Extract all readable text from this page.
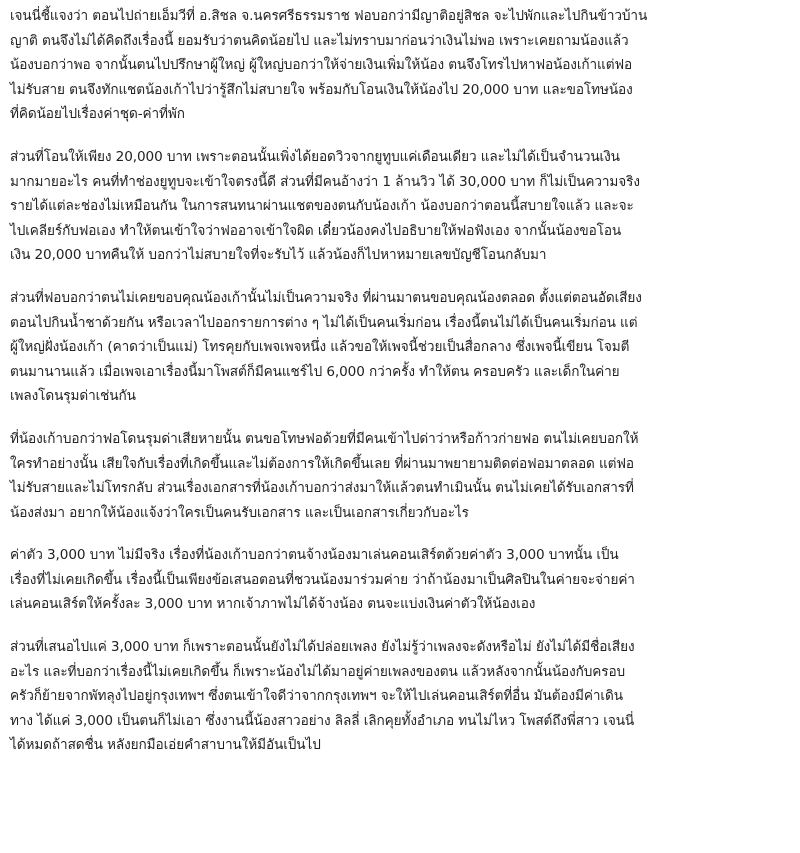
เจนนี่ชี้แจงว่า ตอนไปถ่ายเอ็มวีที่ อ.สิชล จ.นครศรีธรรมราช ฟอบอกว่ามีญาติอยู่สิชล จะไปพักและไปกินข้าวบ้าน
ญาติ ตนจึงไม่ได้คิดถึงเรื่องนี้ ยอมรับว่าตนคิดน้อยไป และไม่ทราบมาก่อนว่าเงินไม่พอ เพราะเคยถามน้องแล้ว
น้องบอกว่าพอ จากนั้นตนไปปรึกษาผู้ใหญ่ ผู้ใหญ่บอกว่าให้จ่ายเงินเพิ่มให้น้อง ตนจึงโทรไปหาฟอน้องเก้าแต่ฟอ
ไม่รับสาย ตนจึงทักแชตน้องเก้าไปว่ารู้สึกไม่สบายใจ พร้อมกับโอนเงินให้น้องไป 20,000 บาท และขอโทษน้อง
ที่คิดน้อยไปเรื่องค่าชุด-ค่าที่พัก

ส่วนที่โอนให้เพียง 20,000 บาท เพราะตอนนั้นเพิ่งได้ยอดวิวจากยูทูบแค่เดือนเดียว และไม่ได้เป็นจำนวนเงิน
มากมายอะไร คนที่ทำช่องยูทูบจะเข้าใจตรงนี้ดี ส่วนที่มีคนอ้างว่า 1 ล้านวิว ได้ 30,000 บาท ก็ไม่เป็นความจริง
รายได้แต่ละช่องไม่เหมือนกัน ในการสนทนาผ่านแชตของตนกับน้องเก้า น้องบอกว่าตอนนี้สบายใจแล้ว และจะ
ไปเคลียร์กับฟอเอง ทำให้ตนเข้าใจว่าฟออาจเข้าใจผิด เดี๋ยวน้องคงไปอธิบายให้ฟอฟังเอง จากนั้นน้องขอโอน
เงิน 20,000 บาทคืนให้ บอกว่าไม่สบายใจที่จะรับไว้ แล้วน้องก็ไปหาหมายเลขบัญชีโอนกลับมา

ส่วนที่ฟอบอกว่าตนไม่เคยขอบคุณน้องเก้านั้นไม่เป็นความจริง ที่ผ่านมาตนขอบคุณน้องตลอด ตั้งแต่ตอนอัดเสียง
ตอนไปกินน้ำชาด้วยกัน หรือเวลาไปออกรายการต่าง ๆ ไม่ได้เป็นคนเริ่มก่อน เรื่องนี้ตนไม่ได้เป็นคนเริ่มก่อน แต่
ผู้ใหญ่ฝั่งน้องเก้า (คาดว่าเป็นแม่) โทรคุยกับเพจเพจหนึ่ง แล้วขอให้เพจนี้ช่วยเป็นสื่อกลาง ซึ่งเพจนี้เขียน โจมตี
ตนมานานแล้ว เมื่อเพจเอาเรื่องนี้มาโพสต์ก็มีคนแชร์ไป 6,000 กว่าครั้ง ทำให้ตน ครอบครัว และเด็กในค่าย
เพลงโดนรุมด่าเช่นกัน

ที่น้องเก้าบอกว่าฟอโดนรุมด่าเสียหายนั้น ตนขอโทษฟอด้วยที่มีคนเข้าไปด่าว่าหรือก้าวก่ายฟอ ตนไม่เคยบอกให้
ใครทำอย่างนั้น เสียใจกับเรื่องที่เกิดขึ้นและไม่ต้องการให้เกิดขึ้นเลย ที่ผ่านมาพยายามติดต่อฟอมาตลอด แต่ฟอ
ไม่รับสายและไม่โทรกลับ ส่วนเรื่องเอกสารที่น้องเก้าบอกว่าส่งมาให้แล้วตนทำเมินนั้น ตนไม่เคยได้รับเอกสารที่
น้องส่งมา อยากให้น้องแจ้งว่าใครเป็นคนรับเอกสาร และเป็นเอกสารเกี่ยวกับอะไร

ค่าตัว 3,000 บาท ไม่มีจริง เรื่องที่น้องเก้าบอกว่าตนจ้างน้องมาเล่นคอนเสิร์ตด้วยค่าตัว 3,000 บาทนั้น เป็น
เรื่องที่ไม่เคยเกิดขึ้น เรื่องนี้เป็นเพียงข้อเสนอตอนที่ชวนน้องมาร่วมค่าย ว่าถ้าน้องมาเป็นศิลปินในค่ายจะจ่ายค่า
เล่นคอนเสิร์ตให้ครั้งละ 3,000 บาท หากเจ้าภาพไม่ได้จ้างน้อง ตนจะแบ่งเงินค่าตัวให้น้องเอง

ส่วนที่เสนอไปแค่ 3,000 บาท ก็เพราะตอนนั้นยังไม่ได้ปล่อยเพลง ยังไม่รู้ว่าเพลงจะดังหรือไม่ ยังไม่ได้มีชื่อเสียง
อะไร และที่บอกว่าเรื่องนี้ไม่เคยเกิดขึ้น ก็เพราะน้องไม่ได้มาอยู่ค่ายเพลงของตน แล้วหลังจากนั้นน้องกับครอบ
ครัวก็ย้ายจากพัทลุงไปอยู่กรุงเทพฯ ซึ่งตนเข้าใจดีว่าจากกรุงเทพฯ จะให้ไปเล่นคอนเสิร์ตที่อื่น มันต้องมีค่าเดิน
ทาง ได้แค่ 3,000 เป็นตนก็ไม่เอา ซึ่งงานนี้น้องสาวอย่าง ลิลลี่ เลิกคุยทั้งอำเภอ ทนไม่ไหว โพสต์ถึงพี่สาว เจนนี่
ได้หมดถ้าสดชื่น หลังยกมือเอ่ยคำสาบานให้มีอันเป็นไป
